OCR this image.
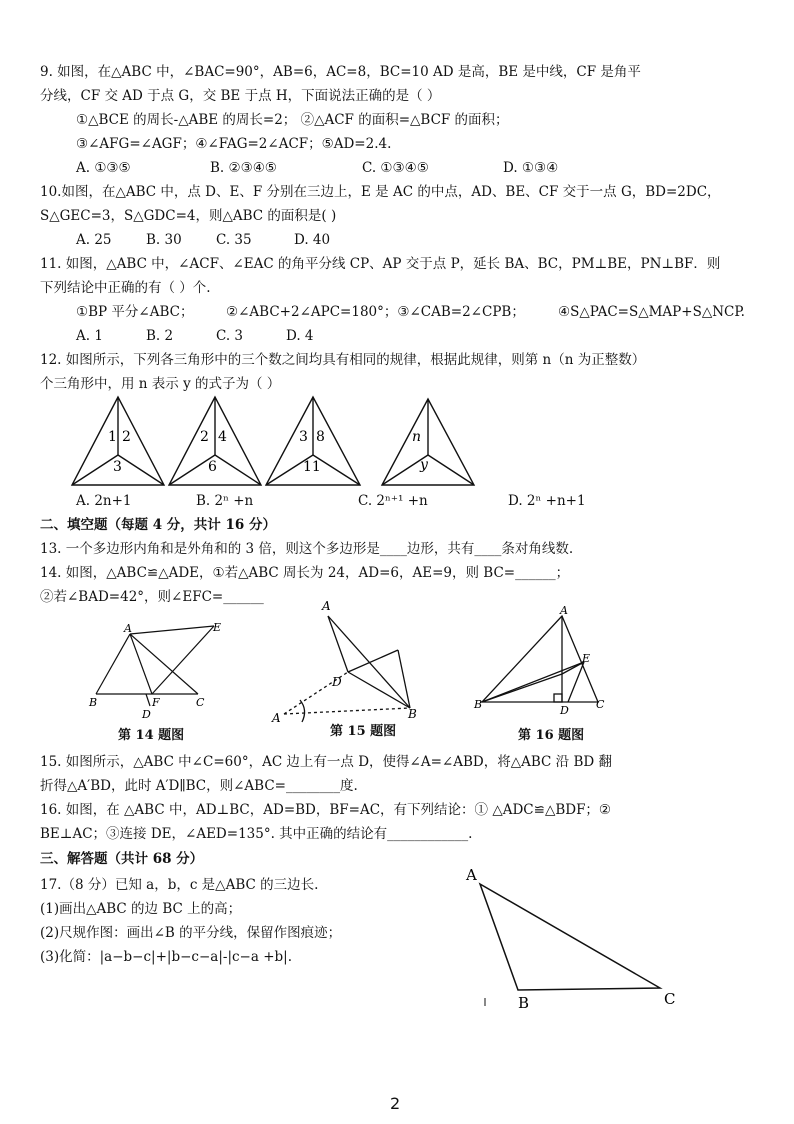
9. 如图，在△ABC 中，∠BAC=90°，AB=6，AC=8，BC=10 AD 是高，BE 是中线，CF 是角平
分线，CF 交 AD 于点 G，交 BE 于点 H，下面说法正确的是（ ）
①△BCE 的周长-△ABE 的周长=2； ②△ACF 的面积=△BCF 的面积；
③∠AFG=∠AGF；④∠FAG=2∠ACF；⑤AD=2.4.
A. ①③⑤	B. ②③④⑤	C. ①③④⑤	D. ①③④
10.如图，在△ABC 中，点 D、E、F 分别在三边上，E 是 AC 的中点，AD、BE、CF 交于一点 G，BD=2DC，
S△GEC=3，S△GDC=4，则△ABC 的面积是( )
A. 25	B. 30	C. 35	D. 40
11. 如图，△ABC 中，∠ACF、∠EAC 的角平分线 CP、AP 交于点 P，延长 BA、BC，PM⊥BE，PN⊥BF．则
下列结论中正确的有（ ）个.
①BP 平分∠ABC； ②∠ABC+2∠APC=180°；③∠CAB=2∠CPB； ④S△PAC=S△MAP+S△NCP.
A. 1	B. 2	C. 3	D. 4
12. 如图所示，下列各三角形中的三个数之间均具有相同的规律，根据此规律，则第 n（n 为正整数）
个三角形中，用 n 表示 y 的式子为（ ）
1 2
3
2 4
6
3 8
11
n
y
A. 2n+1	B. 2ⁿ +n	C. 2ⁿ⁺¹ +n	D. 2ⁿ +n+1
二、填空题（每题 4 分，共计 16 分）
13. 一个多边形内角和是外角和的 3 倍，则这个多边形是____边形，共有____条对角线数.
14. 如图，△ABC≌△ADE，①若△ABC 周长为 24，AD=6，AE=9，则 BC=______；
②若∠BAD=42°，则∠EFC=______
A	E
B	F	C
D
第 14 题图
A
D
B
A
第 15 题图
A
E
B	D C
第 16 题图
15. 如图所示，△ABC 中∠C=60°，AC 边上有一点 D，使得∠A=∠ABD，将△ABC 沿 BD 翻
折得△A′BD，此时 A′D∥BC，则∠ABC=________度.
16. 如图，在 △ABC 中，AD⊥BC，AD=BD，BF=AC，有下列结论：① △ADC≌△BDF；②
BE⊥AC；③连接 DE，∠AED=135°. 其中正确的结论有____________.
三、解答题（共计 68 分）
17.（8 分）已知 a，b，c 是△ABC 的三边长.
(1)画出△ABC 的边 BC 上的高；
(2)尺规作图：画出∠B 的平分线，保留作图痕迹；
(3)化简：|a−b−c|+|b−c−a|-|c−a +b|.
A
B	C
2
